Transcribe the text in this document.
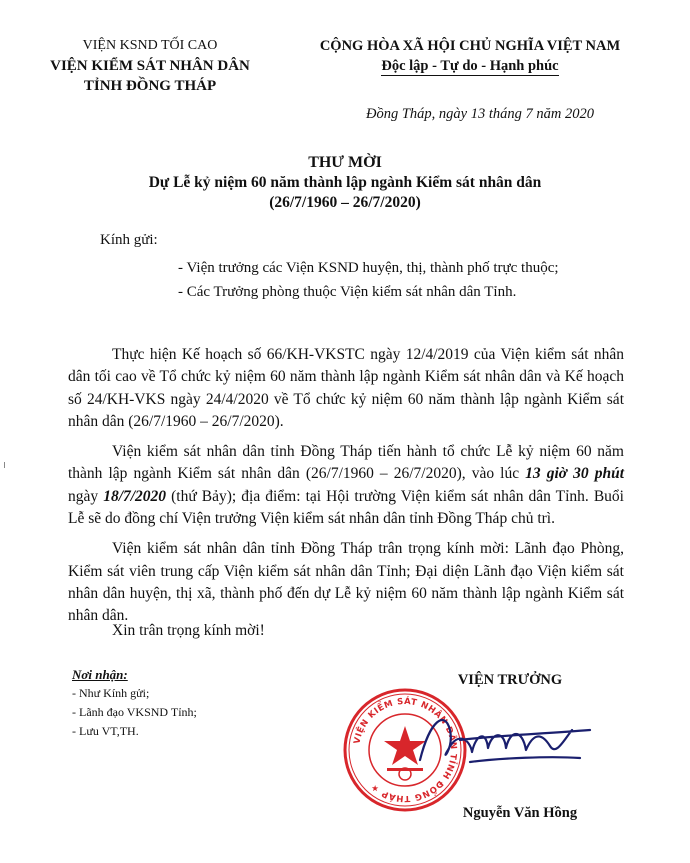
VIỆN KSND TỐI CAO
VIỆN KIỂM SÁT NHÂN DÂN
TỈNH ĐỒNG THÁP
CỘNG HÒA XÃ HỘI CHỦ NGHĨA VIỆT NAM
Độc lập - Tự do - Hạnh phúc
Đồng Tháp, ngày 13 tháng 7 năm 2020
THƯ MỜI
Dự Lễ kỷ niệm 60 năm thành lập ngành Kiểm sát nhân dân
(26/7/1960 – 26/7/2020)
Kính gửi:
- Viện trưởng các Viện KSND huyện, thị, thành phố trực thuộc;
- Các Trưởng phòng thuộc Viện kiểm sát nhân dân Tỉnh.

Thực hiện Kế hoạch số 66/KH-VKSTC ngày 12/4/2019 của Viện kiểm sát nhân dân tối cao về Tổ chức kỷ niệm 60 năm thành lập ngành Kiểm sát nhân dân và Kế hoạch số 24/KH-VKS ngày 24/4/2020 về Tổ chức kỷ niệm 60 năm thành lập ngành Kiểm sát nhân dân (26/7/1960 – 26/7/2020).

Viện kiểm sát nhân dân tỉnh Đồng Tháp tiến hành tổ chức Lễ kỷ niệm 60 năm thành lập ngành Kiểm sát nhân dân (26/7/1960 – 26/7/2020), vào lúc 13 giờ 30 phút ngày 18/7/2020 (thứ Bảy); địa điểm: tại Hội trường Viện kiểm sát nhân dân Tỉnh. Buổi Lễ sẽ do đồng chí Viện trưởng Viện kiểm sát nhân dân tỉnh Đồng Tháp chủ trì.

Viện kiểm sát nhân dân tỉnh Đồng Tháp trân trọng kính mời: Lãnh đạo Phòng, Kiểm sát viên trung cấp Viện kiểm sát nhân dân Tỉnh; Đại diện Lãnh đạo Viện kiểm sát nhân dân huyện, thị xã, thành phố đến dự Lễ kỷ niệm 60 năm thành lập ngành Kiểm sát nhân dân.

Xin trân trọng kính mời!
Nơi nhận:
- Như Kính gửi;
- Lãnh đạo VKSND Tỉnh;
- Lưu VT,TH.
VIỆN TRƯỞNG
VIỆN KIỂM SÁT NHÂN DÂN TỈNH ĐỒNG THÁP ★
Nguyễn Văn Hồng
